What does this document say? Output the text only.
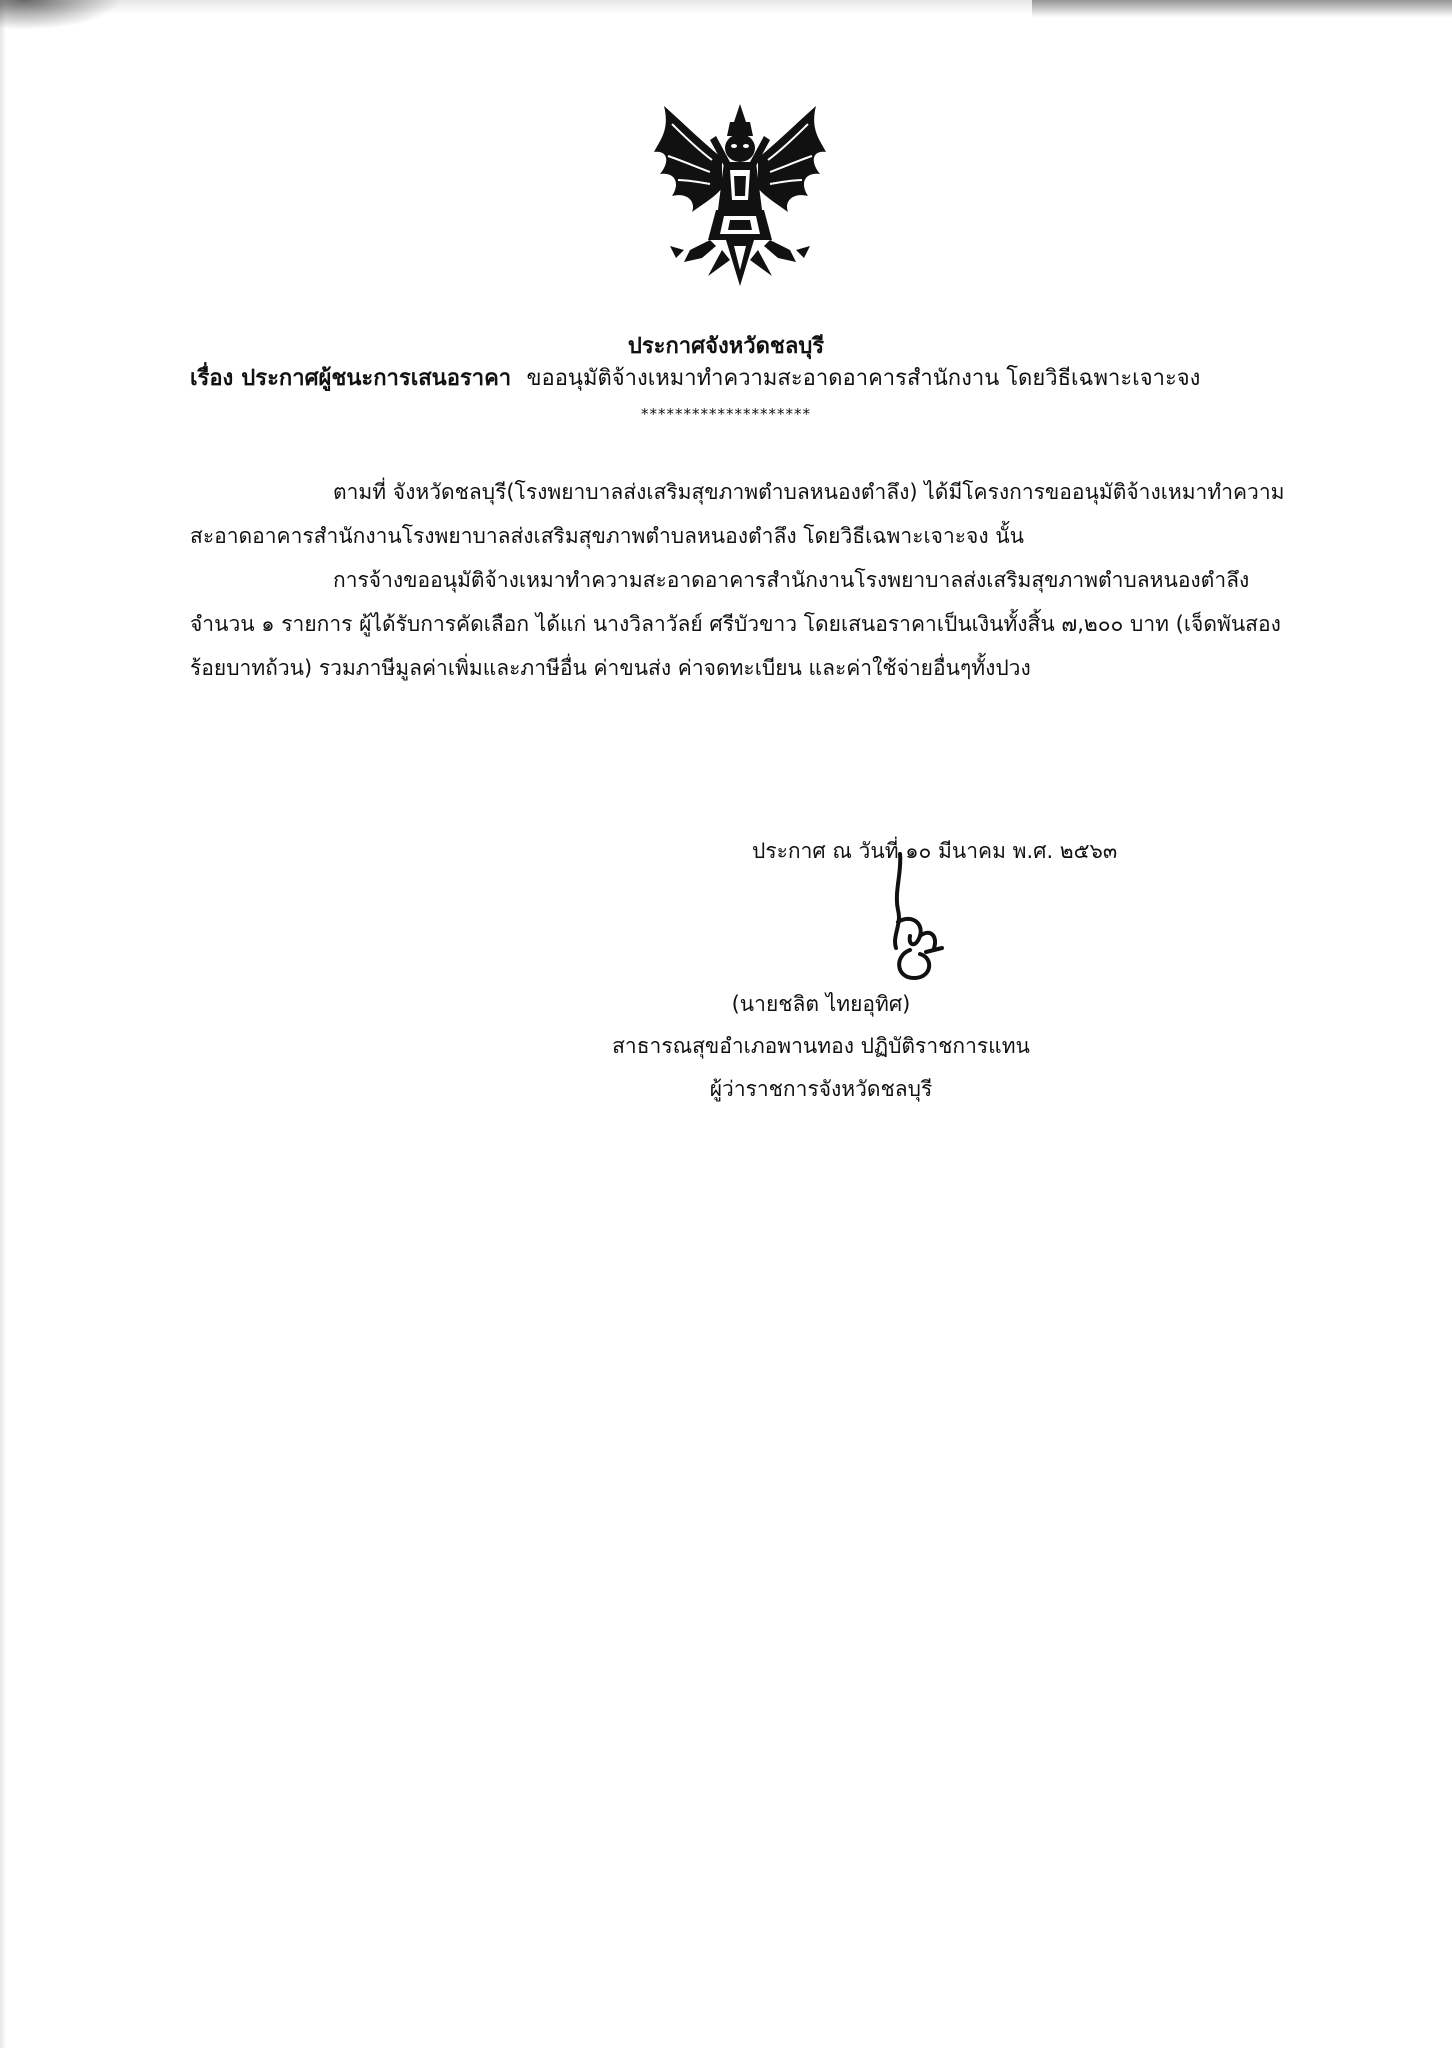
ประกาศจังหวัดชลบุรี
เรื่อง ประกาศผู้ชนะการเสนอราคา ขออนุมัติจ้างเหมาทำความสะอาดอาคารสำนักงาน โดยวิธีเฉพาะเจาะจง
********************
ตามที่ จังหวัดชลบุรี(โรงพยาบาลส่งเสริมสุขภาพตำบลหนองตำลึง) ได้มีโครงการขออนุมัติจ้างเหมาทำความสะอาดอาคารสำนักงานโรงพยาบาลส่งเสริมสุขภาพตำบลหนองตำลึง โดยวิธีเฉพาะเจาะจง นั้น
การจ้างขออนุมัติจ้างเหมาทำความสะอาดอาคารสำนักงานโรงพยาบาลส่งเสริมสุขภาพตำบลหนองตำลึง จำนวน ๑ รายการ ผู้ได้รับการคัดเลือก ได้แก่ นางวิลาวัลย์ ศรีบัวขาว โดยเสนอราคาเป็นเงินทั้งสิ้น ๗,๒๐๐ บาท (เจ็ดพันสองร้อยบาทถ้วน) รวมภาษีมูลค่าเพิ่มและภาษีอื่น ค่าขนส่ง ค่าจดทะเบียน และค่าใช้จ่ายอื่นๆทั้งปวง
ประกาศ ณ วันที่ ๑๐ มีนาคม พ.ศ. ๒๕๖๓
(นายชลิต ไทยอุทิศ)
สาธารณสุขอำเภอพานทอง ปฏิบัติราชการแทน
ผู้ว่าราชการจังหวัดชลบุรี
